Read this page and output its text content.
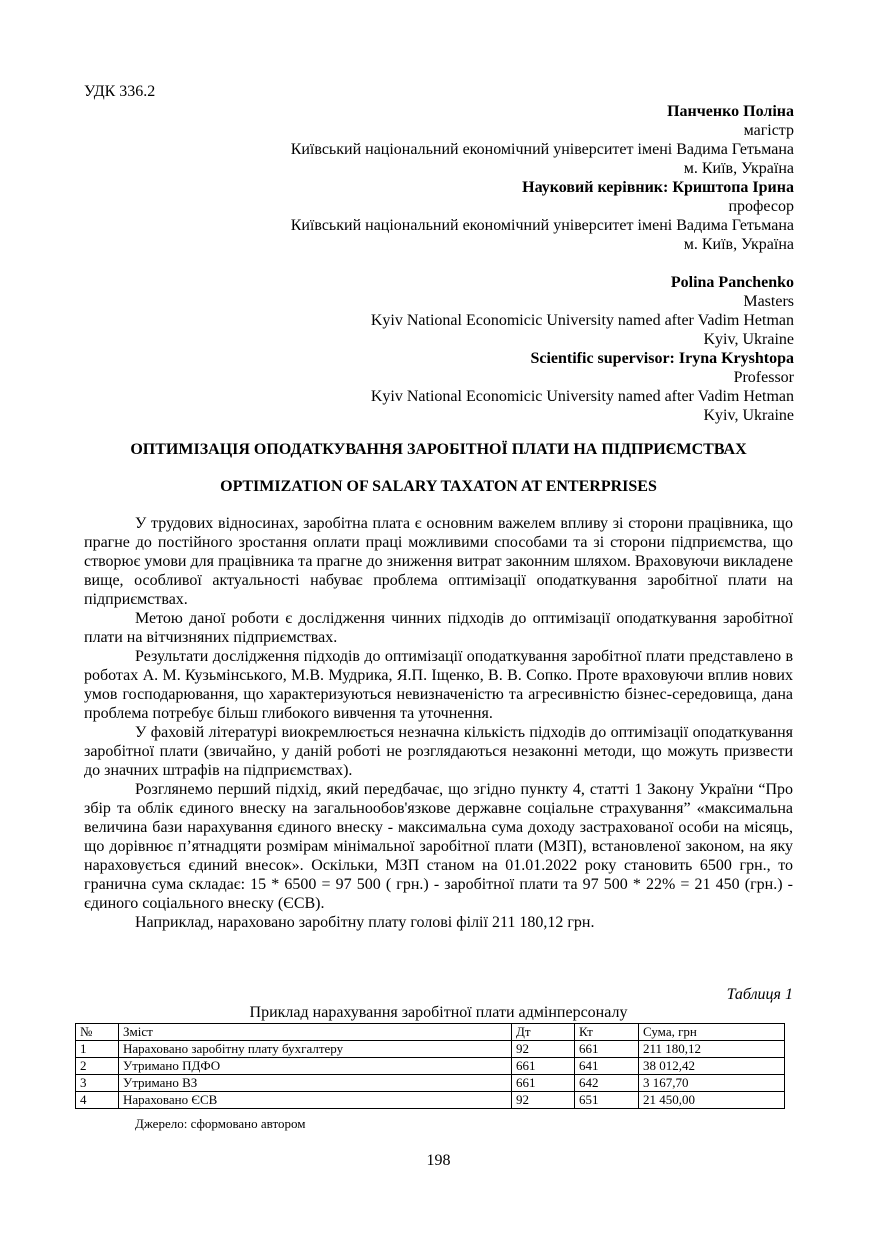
УДК 336.2
Панченко Поліна
магістр
Київський національний економічний університет імені Вадима Гетьмана
м. Київ, Україна
Науковий керівник: Криштопа Ірина
професор
Київський національний економічний університет імені Вадима Гетьмана
м. Київ, Україна
Polina Panchenko
Masters
Kyiv National Economicic University named after Vadim Hetman
Kyiv, Ukraine
Scientific supervisor: Iryna Kryshtopa
Professor
Kyiv National Economicic University named after Vadim Hetman
Kyiv, Ukraine
ОПТИМІЗАЦІЯ ОПОДАТКУВАННЯ ЗАРОБІТНОЇ ПЛАТИ НА ПІДПРИЄМСТВАХ
OPTIMIZATION OF SALARY TAXATON AT ENTERPRISES

У трудових відносинах, заробітна плата є основним важелем впливу зі сторони працівника, що прагне до постійного зростання оплати праці можливими способами та зі сторони підприємства, що створює умови для працівника та прагне до зниження витрат законним шляхом. Враховуючи викладене вище, особливої актуальності набуває проблема оптимізації оподаткування заробітної плати на підприємствах.

Метою даної роботи є дослідження чинних підходів до оптимізації оподаткування заробітної плати на вітчизняних підприємствах.

Результати дослідження підходів до оптимізації оподаткування заробітної плати представлено в роботах А. М. Кузьмінського, М.В. Мудрика, Я.П. Іщенко, В. В. Сопко. Проте враховуючи вплив нових умов господарювання, що характеризуються невизначеністю та агресивністю бізнес-середовища, дана проблема потребує більш глибокого вивчення та уточнення.

У фаховій літературі виокремлюється незначна кількість підходів до оптимізації оподаткування заробітної плати (звичайно, у даній роботі не розглядаються незаконні методи, що можуть призвести до значних штрафів на підприємствах).

Розглянемо перший підхід, який передбачає, що згідно пункту 4, статті 1 Закону України “Про збір та облік єдиного внеску на загальнообов'язкове державне соціальне страхування” «максимальна величина бази нарахування єдиного внеску - максимальна сума доходу застрахованої особи на місяць, що дорівнює п’ятнадцяти розмірам мінімальної заробітної плати (МЗП), встановленої законом, на яку нараховується єдиний внесок». Оскільки, МЗП станом на 01.01.2022 року становить 6500 грн., то гранична сума складає: 15 * 6500 = 97 500 ( грн.) - заробітної плати та 97 500 * 22% = 21 450 (грн.) - єдиного соціального внеску (ЄСВ).

Наприклад, нараховано заробітну плату голові філії 211 180,12 грн.

Таблиця 1
Приклад нарахування заробітної плати адмінперсоналу
№	Зміст	Дт	Кт	Сума, грн
1	Нараховано заробітну плату бухгалтеру	92	661	211 180,12
2	Утримано ПДФО	661	641	38 012,42
3	Утримано ВЗ	661	642	3 167,70
4	Нараховано ЄСВ	92	651	21 450,00
Джерело: сформовано автором
198
